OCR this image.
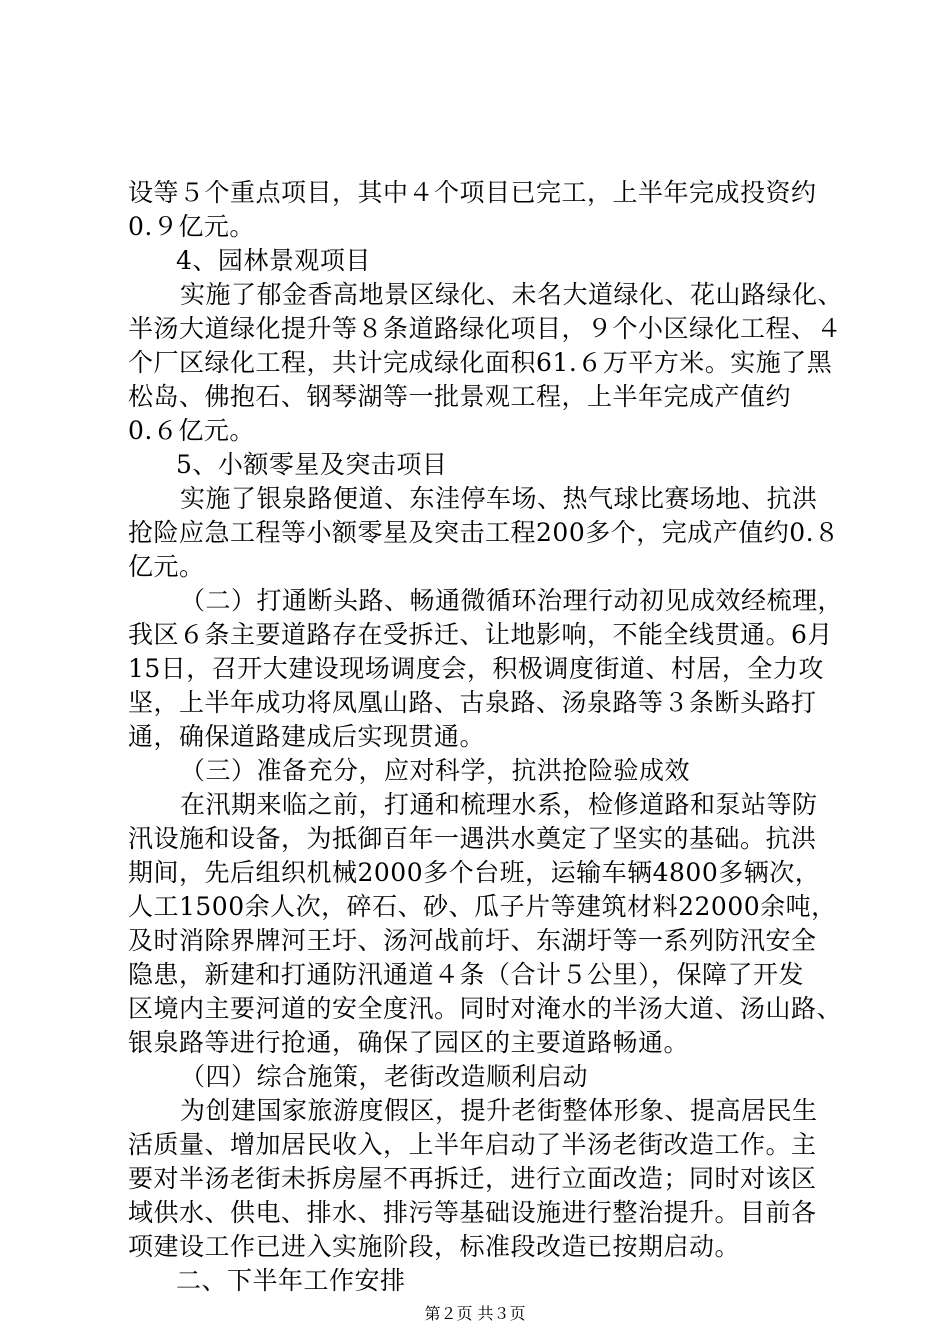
设等５个重点项目，其中４个项目已完工，上半年完成投资约
0.９亿元。
4、园林景观项目
实施了郁金香高地景区绿化、未名大道绿化、花山路绿化、
半汤大道绿化提升等８条道路绿化项目，９个小区绿化工程、４
个厂区绿化工程，共计完成绿化面积61.６万平方米。实施了黑
松岛、佛抱石、钢琴湖等一批景观工程，上半年完成产值约
0.６亿元。
5、小额零星及突击项目
实施了银泉路便道、东洼停车场、热气球比赛场地、抗洪
抢险应急工程等小额零星及突击工程200多个，完成产值约0.８
亿元。
（二）打通断头路、畅通微循环治理行动初见成效经梳理，
我区６条主要道路存在受拆迁、让地影响，不能全线贯通。6月
15日，召开大建设现场调度会，积极调度街道、村居，全力攻
坚，上半年成功将凤凰山路、古泉路、汤泉路等３条断头路打
通，确保道路建成后实现贯通。
（三）准备充分，应对科学，抗洪抢险验成效
在汛期来临之前，打通和梳理水系，检修道路和泵站等防
汛设施和设备，为抵御百年一遇洪水奠定了坚实的基础。抗洪
期间，先后组织机械2000多个台班，运输车辆4800多辆次，
人工1500余人次，碎石、砂、瓜子片等建筑材料22000余吨，
及时消除界牌河王圩、汤河战前圩、东湖圩等一系列防汛安全
隐患，新建和打通防汛通道４条（合计５公里），保障了开发
区境内主要河道的安全度汛。同时对淹水的半汤大道、汤山路、
银泉路等进行抢通，确保了园区的主要道路畅通。
（四）综合施策，老街改造顺利启动
为创建国家旅游度假区，提升老街整体形象、提高居民生
活质量、增加居民收入，上半年启动了半汤老街改造工作。主
要对半汤老街未拆房屋不再拆迁，进行立面改造；同时对该区
域供水、供电、排水、排污等基础设施进行整治提升。目前各
项建设工作已进入实施阶段，标准段改造已按期启动。
二、下半年工作安排
第２页 共３页
